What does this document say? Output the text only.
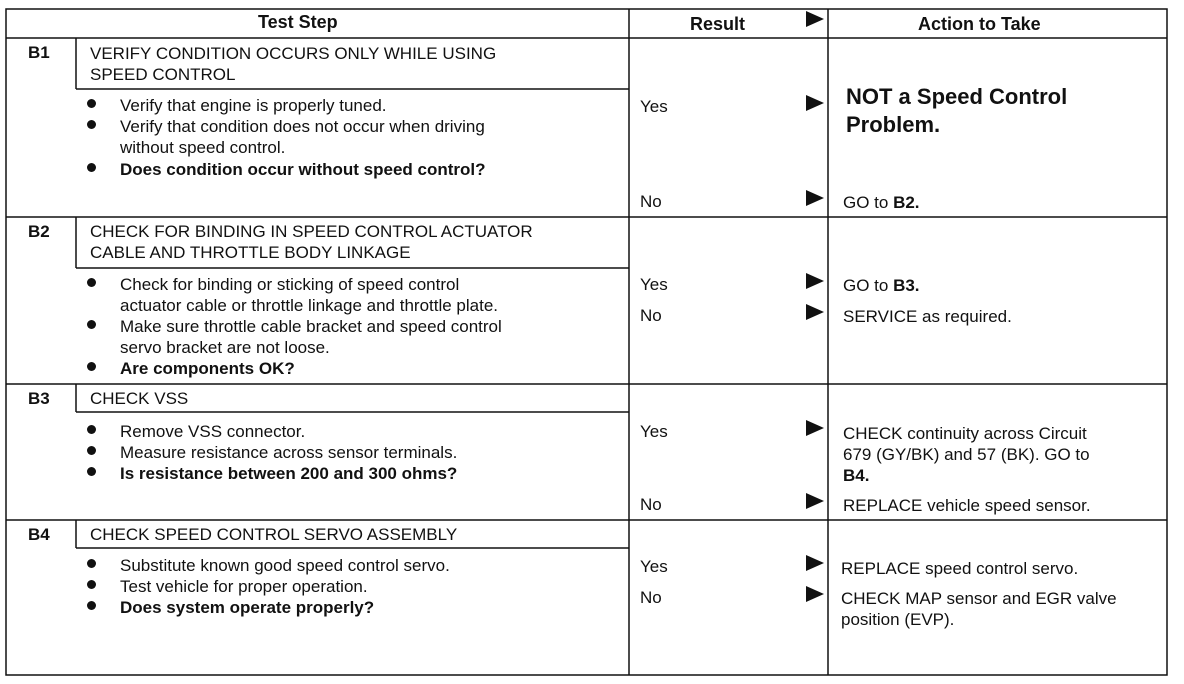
Test Step	Result	Action to Take
B1 VERIFY CONDITION OCCURS ONLY WHILE USING
SPEED CONTROL
Verify that engine is properly tuned.
Verify that condition does not occur when driving
without speed control.
Does condition occur without speed control?
Yes	NOT a Speed Control
Problem.
No	GO to B2.
B2 CHECK FOR BINDING IN SPEED CONTROL ACTUATOR
CABLE AND THROTTLE BODY LINKAGE
Check for binding or sticking of speed control
actuator cable or throttle linkage and throttle plate.
Make sure throttle cable bracket and speed control
servo bracket are not loose.
Are components OK?
Yes	GO to B3.
No	SERVICE as required.
B3 CHECK VSS
Remove VSS connector.
Measure resistance across sensor terminals.
Is resistance between 200 and 300 ohms?
Yes	CHECK continuity across Circuit
679 (GY/BK) and 57 (BK). GO to
B4.
No	REPLACE vehicle speed sensor.
B4 CHECK SPEED CONTROL SERVO ASSEMBLY
Substitute known good speed control servo.
Test vehicle for proper operation.
Does system operate properly?
Yes	REPLACE speed control servo.
No	CHECK MAP sensor and EGR valve
position (EVP).
